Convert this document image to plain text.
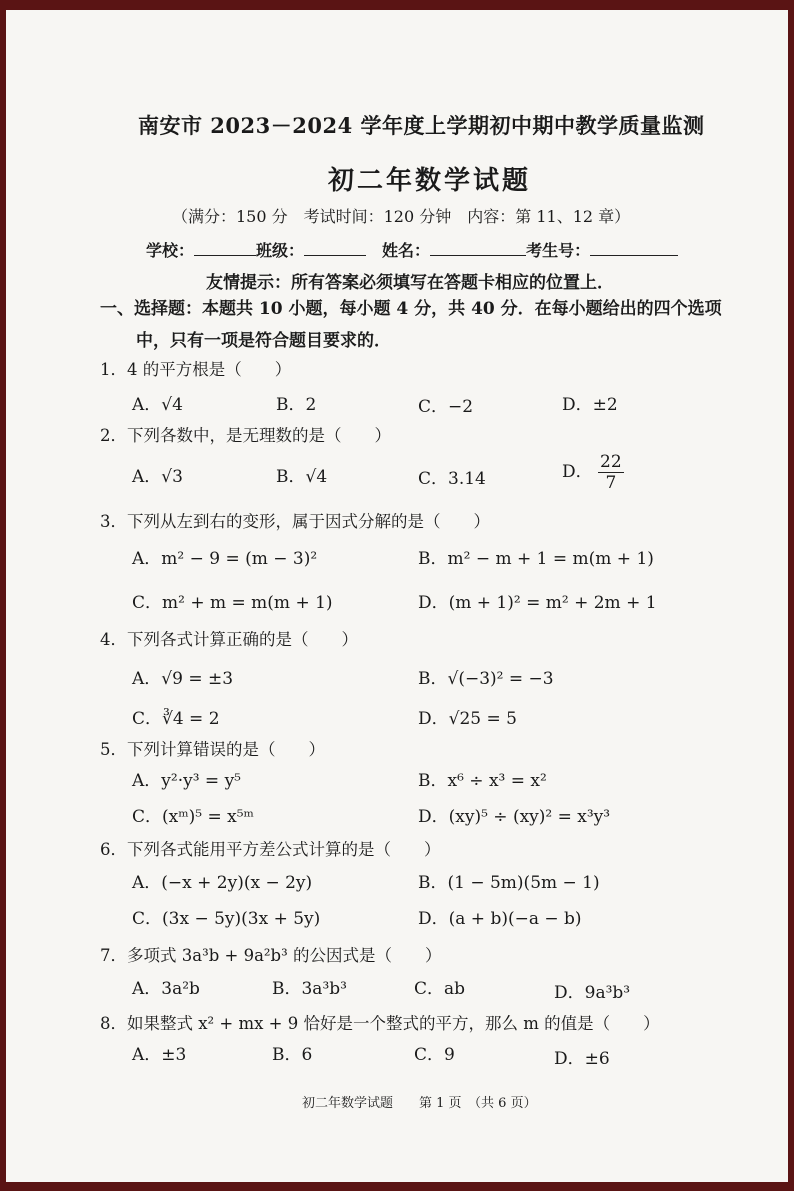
南安市 2023－2024 学年度上学期初中期中教学质量监测
初二年数学试题
（满分：150 分　考试时间：120 分钟　内容：第 11、12 章）
学校：	班级：　	姓名：	考生号：
友情提示：所有答案必须填写在答题卡相应的位置上．
一、选择题：本题共 10 小题，每小题 4 分，共 40 分．在每小题给出的四个选项
中，只有一项是符合题目要求的．
1．4 的平方根是（　　）
A．√4	B．2	C．−2	D．±2
2．下列各数中，是无理数的是（　　）
A．√3	B．√4	C．3.14	D． $\frac{22}{7}$
3．下列从左到右的变形，属于因式分解的是（　　）
A．m² − 9 = (m − 3)²	B．m² − m + 1 = m(m + 1)
C．m² + m = m(m + 1)	D．(m + 1)² = m² + 2m + 1
4．下列各式计算正确的是（　　）
A．√9 = ±3	B．√(−3)² = −3
C．∛4 = 2	D．√25 = 5
5．下列计算错误的是（　　）
A．y²·y³ = y⁵	B．x⁶ ÷ x³ = x²
C．(xᵐ)⁵ = x⁵ᵐ	D．(xy)⁵ ÷ (xy)² = x³y³
6．下列各式能用平方差公式计算的是（　　）
A．(−x + 2y)(x − 2y)	B．(1 − 5m)(5m − 1)
C．(3x − 5y)(3x + 5y)	D．(a + b)(−a − b)
7．多项式 3a³b + 9a²b³ 的公因式是（　　）
A．3a²b	B．3a³b³	C．ab	D．9a³b³
8．如果整式 x² + mx + 9 恰好是一个整式的平方，那么 m 的值是（　　）
A．±3	B．6	C．9	D．±6
初二年数学试题　　第 1 页　（共 6 页）
